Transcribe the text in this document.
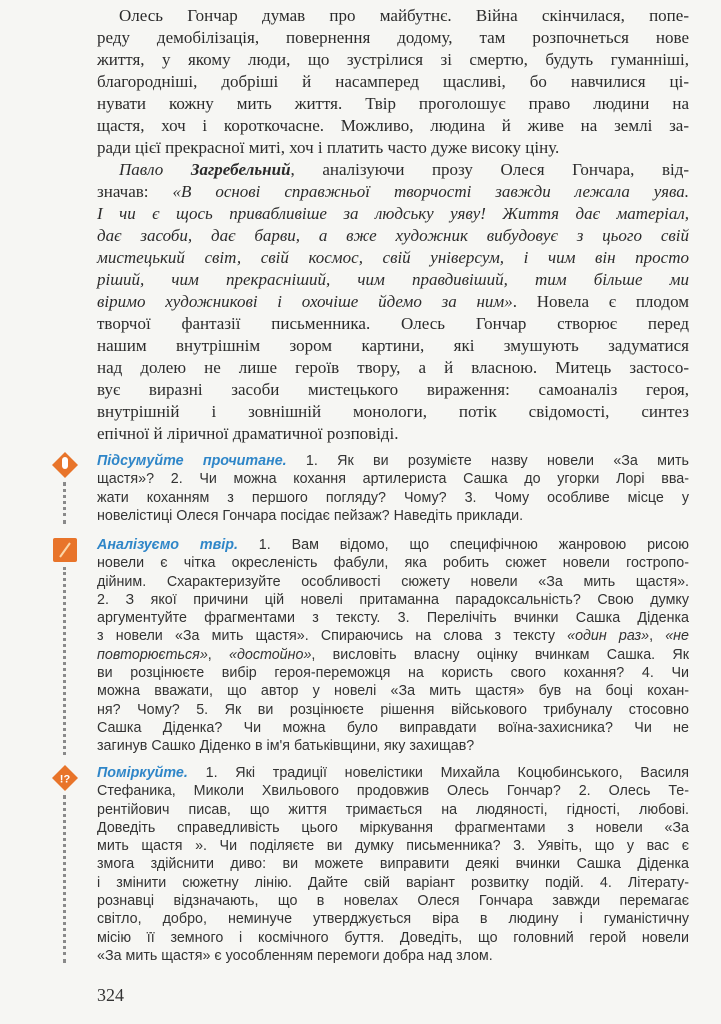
Олесь Гончар думав про майбутнє. Війна скінчилася, попе-
реду демобілізація, повернення додому, там розпочнеться нове
життя, у якому люди, що зустрілися зі смертю, будуть гуманніші,
благородніші, добріші й насамперед щасливі, бо навчилися ці-
нувати кожну мить життя. Твір проголошує право людини на
щастя, хоч і короткочасне. Можливо, людина й живе на землі за-
ради цієї прекрасної миті, хоч і платить часто дуже високу ціну.
Павло Загребельний, аналізуючи прозу Олеся Гончара, від-
значав: «В основі справжньої творчості завжди лежала уява.
І чи є щось привабливіше за людську уяву! Життя дає матеріал,
дає засоби, дає барви, а вже художник вибудовує з цього свій
мистецький світ, свій космос, свій універсум, і чим він просто
ріший, чим прекрасніший, чим правдивіший, тим більше ми
віримо художникові і охочіше йдемо за ним». Новела є плодом
творчої фантазії письменника. Олесь Гончар створює перед
нашим внутрішнім зором картини, які змушують задуматися
над долею не лише героїв твору, а й власною. Митець застосо-
вує виразні засоби мистецького вираження: самоаналіз героя,
внутрішній і зовнішній монологи, потік свідомості, синтез
епічної й ліричної драматичної розповіді.
Підсумуйте прочитане. 1. Як ви розумієте назву новели «За мить
щастя»? 2. Чи можна кохання артилериста Сашка до угорки Лорі вва-
жати коханням з першого погляду? Чому? 3. Чому особливе місце у
новелістиці Олеся Гончара посідає пейзаж? Наведіть приклади.
Аналізуємо твір. 1. Вам відомо, що специфічною жанровою рисою
новели є чітка окресленість фабули, яка робить сюжет новели гостропо-
дійним. Схарактеризуйте особливості сюжету новели «За мить щастя».
2. З якої причини цій новелі притаманна парадоксальність? Свою думку
аргументуйте фрагментами з тексту. 3. Перелічіть вчинки Сашка Діденка
з новели «За мить щастя». Спираючись на слова з тексту «один раз», «не
повторюється», «достойно», висловіть власну оцінку вчинкам Сашка. Як
ви розцінюєте вибір героя-переможця на користь свого кохання? 4. Чи
можна вважати, що автор у новелі «За мить щастя» був на боці кохан-
ня? Чому? 5. Як ви розцінюєте рішення військового трибуналу стосовно
Сашка Діденка? Чи можна було виправдати воїна-захисника? Чи не
загинув Сашко Діденко в ім'я батьківщини, яку захищав?
!? Поміркуйте. 1. Які традиції новелістики Михайла Коцюбинського, Василя
Стефаника, Миколи Хвильового продовжив Олесь Гончар? 2. Олесь Те-
рентійович писав, що життя тримається на людяності, гідності, любові.
Доведіть справедливість цього міркування фрагментами з новели «За
мить щастя ». Чи поділяєте ви думку письменника? 3. Уявіть, що у вас є
змога здійснити диво: ви можете виправити деякі вчинки Сашка Діденка
і змінити сюжетну лінію. Дайте свій варіант розвитку подій. 4. Літерату-
рознавці відзначають, що в новелах Олеся Гончара завжди перемагає
світло, добро, неминуче утверджується віра в людину і гуманістичну
місію її земного і космічного буття. Доведіть, що головний герой новели
«За мить щастя» є уособленням перемоги добра над злом.
324
